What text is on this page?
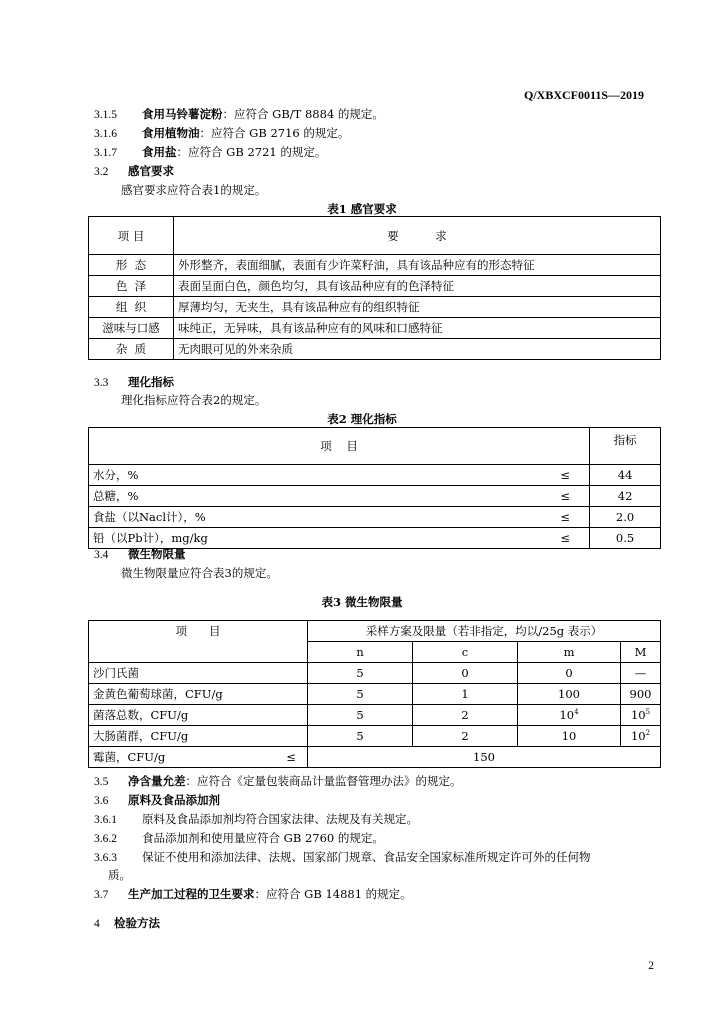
Q/XBXCF0011S—2019
3.1.5 食用马铃薯淀粉：应符合 GB/T 8884 的规定。
3.1.6 食用植物油：应符合 GB 2716 的规定。
3.1.7 食用盐：应符合 GB 2721 的规定。
3.2 感官要求
感官要求应符合表1的规定。
表1 感官要求
项 目	要          求
形  态	外形整齐，表面细腻，表面有少许菜籽油，具有该品种应有的形态特征
色  泽	表面呈面白色，颜色均匀，具有该品种应有的色泽特征
组  织	厚薄均匀，无夹生，具有该品种应有的组织特征
滋味与口感	味纯正，无异味，具有该品种应有的风味和口感特征
杂  质	无肉眼可见的外来杂质
3.3 理化指标
理化指标应符合表2的规定。
表2 理化指标
项    目		指标
水分，%	≤	44
总糖，%	≤	42
食盐（以Nacl计），%	≤	2.0
铅（以Pb计），mg/kg	≤	0.5
3.4 微生物限量
微生物限量应符合表3的规定。
表3 微生物限量
项      目		采样方案及限量（若非指定，均以/25g 表示）			
		n	c	m	M
沙门氏菌		5	0	0	—
金黄色葡萄球菌，CFU/g		5	1	100	900
菌落总数，CFU/g		5	2	$10^4$	$10^5$
大肠菌群，CFU/g		5	2	10	$10^2$
霉菌，CFU/g	≤	150			
3.5 净含量允差：应符合《定量包装商品计量监督管理办法》的规定。
3.6 原料及食品添加剂
3.6.1 原料及食品添加剂均符合国家法律、法规及有关规定。
3.6.2 食品添加剂和使用量应符合 GB 2760 的规定。
3.6.3 保证不使用和添加法律、法规、国家部门规章、食品安全国家标准所规定许可外的任何物
质。
3.7 生产加工过程的卫生要求：应符合 GB 14881 的规定。
4 检验方法
2
